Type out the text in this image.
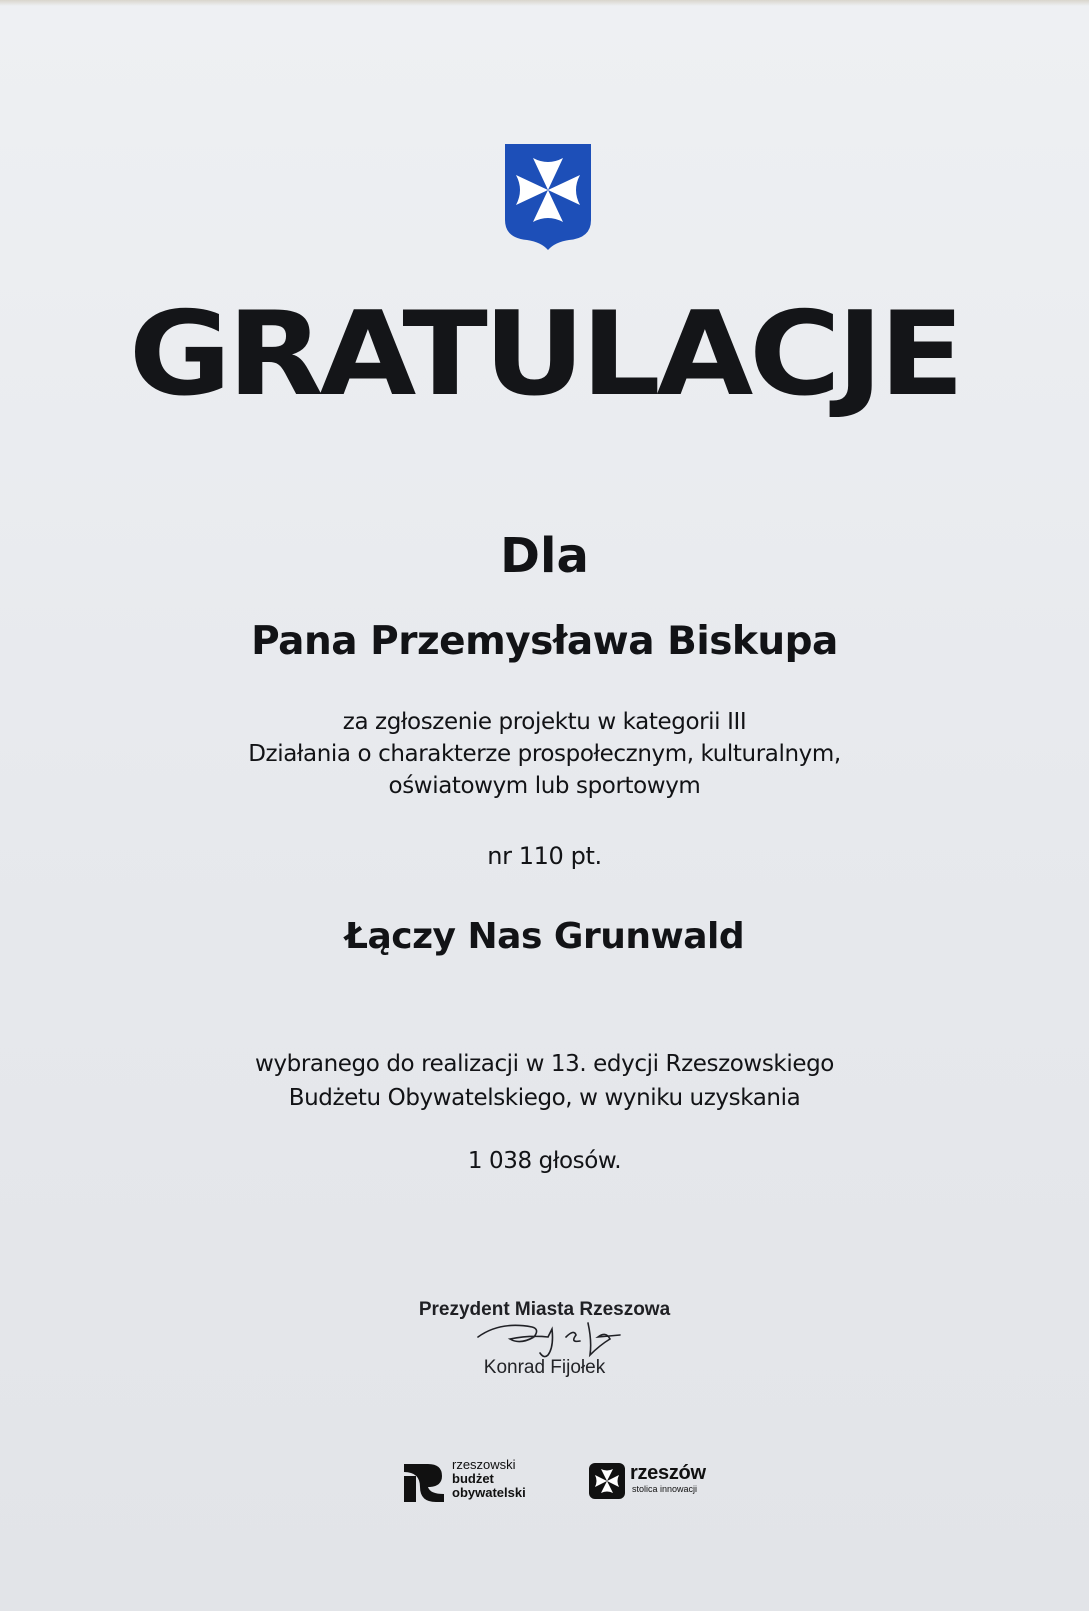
GRATULACJE
Dla
Pana Przemysława Biskupa
za zgłoszenie projektu w kategorii III
Działania o charakterze prospołecznym, kulturalnym,
oświatowym lub sportowym
nr 110 pt.
Łączy Nas Grunwald
wybranego do realizacji w 13. edycji Rzeszowskiego
Budżetu Obywatelskiego, w wyniku uzyskania
1 038 głosów.
Prezydent Miasta Rzeszowa
Konrad Fijołek
rzeszowski
budżet
obywatelski
rzeszów
stolica innowacji
